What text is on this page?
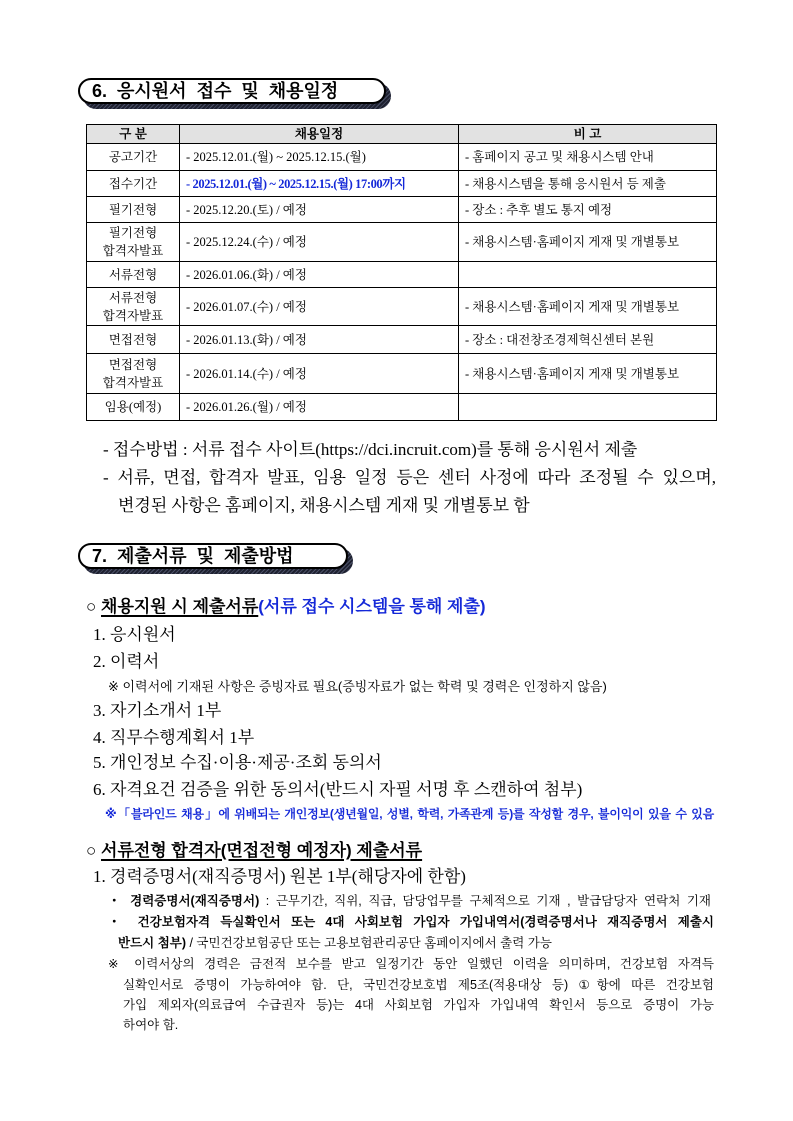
6. 응시원서 접수 및 채용일정
구 분	채용일정	비 고
공고기간	- 2025.12.01.(월) ~ 2025.12.15.(월)	- 홈페이지 공고 및 채용시스템 안내
접수기간	- 2025.12.01.(월) ~ 2025.12.15.(월) 17:00까지	- 채용시스템을 통해 응시원서 등 제출
필기전형	- 2025.12.20.(토) / 예정	- 장소 : 추후 별도 통지 예정
필기전형
합격자발표	- 2025.12.24.(수) / 예정	- 채용시스템·홈페이지 게재 및 개별통보
서류전형	- 2026.01.06.(화) / 예정	
서류전형
합격자발표	- 2026.01.07.(수) / 예정	- 채용시스템·홈페이지 게재 및 개별통보
면접전형	- 2026.01.13.(화) / 예정	- 장소 : 대전창조경제혁신센터 본원
면접전형
합격자발표	- 2026.01.14.(수) / 예정	- 채용시스템·홈페이지 게재 및 개별통보
임용(예정)	- 2026.01.26.(월) / 예정	
- 접수방법 : 서류 접수 사이트(https://dci.incruit.com)를 통해 응시원서 제출
- 서류, 면접, 합격자 발표, 임용 일정 등은 센터 사정에 따라 조정될 수 있으며,
변경된 사항은 홈페이지, 채용시스템 게재 및 개별통보 함
7. 제출서류 및 제출방법
○ 채용지원 시 제출서류(서류 접수 시스템을 통해 제출)
1. 응시원서
2. 이력서
※ 이력서에 기재된 사항은 증빙자료 필요(증빙자료가 없는 학력 및 경력은 인정하지 않음)
3. 자기소개서 1부
4. 직무수행계획서 1부
5. 개인정보 수집·이용·제공·조회 동의서
6. 자격요건 검증을 위한 동의서(반드시 자필 서명 후 스캔하여 첨부)
※「블라인드 채용」에 위배되는 개인정보(생년월일, 성별, 학력, 가족관계 등)를 작성할 경우, 불이익이 있을 수 있음
○ 서류전형 합격자(면접전형 예정자) 제출서류
1. 경력증명서(재직증명서) 원본 1부(해당자에 한함)
・ 경력증명서(재직증명서) : 근무기간, 직위, 직급, 담당업무를 구체적으로 기재 , 발급담당자 연락처 기재
・ 건강보험자격 득실확인서 또는 4대 사회보험 가입자 가입내역서(경력증명서나 재직증명서 제출시
반드시 첨부) / 국민건강보험공단 또는 고용보험관리공단 홈페이지에서 출력 가능
※ 이력서상의 경력은 금전적 보수를 받고 일정기간 동안 일했던 이력을 의미하며, 건강보험 자격득
실확인서로 증명이 가능하여야 함. 단, 국민건강보호법 제5조(적용대상 등) ①항에 따른 건강보험
가입 제외자(의료급여 수급권자 등)는 4대 사회보험 가입자 가입내역 확인서 등으로 증명이 가능
하여야 함.
